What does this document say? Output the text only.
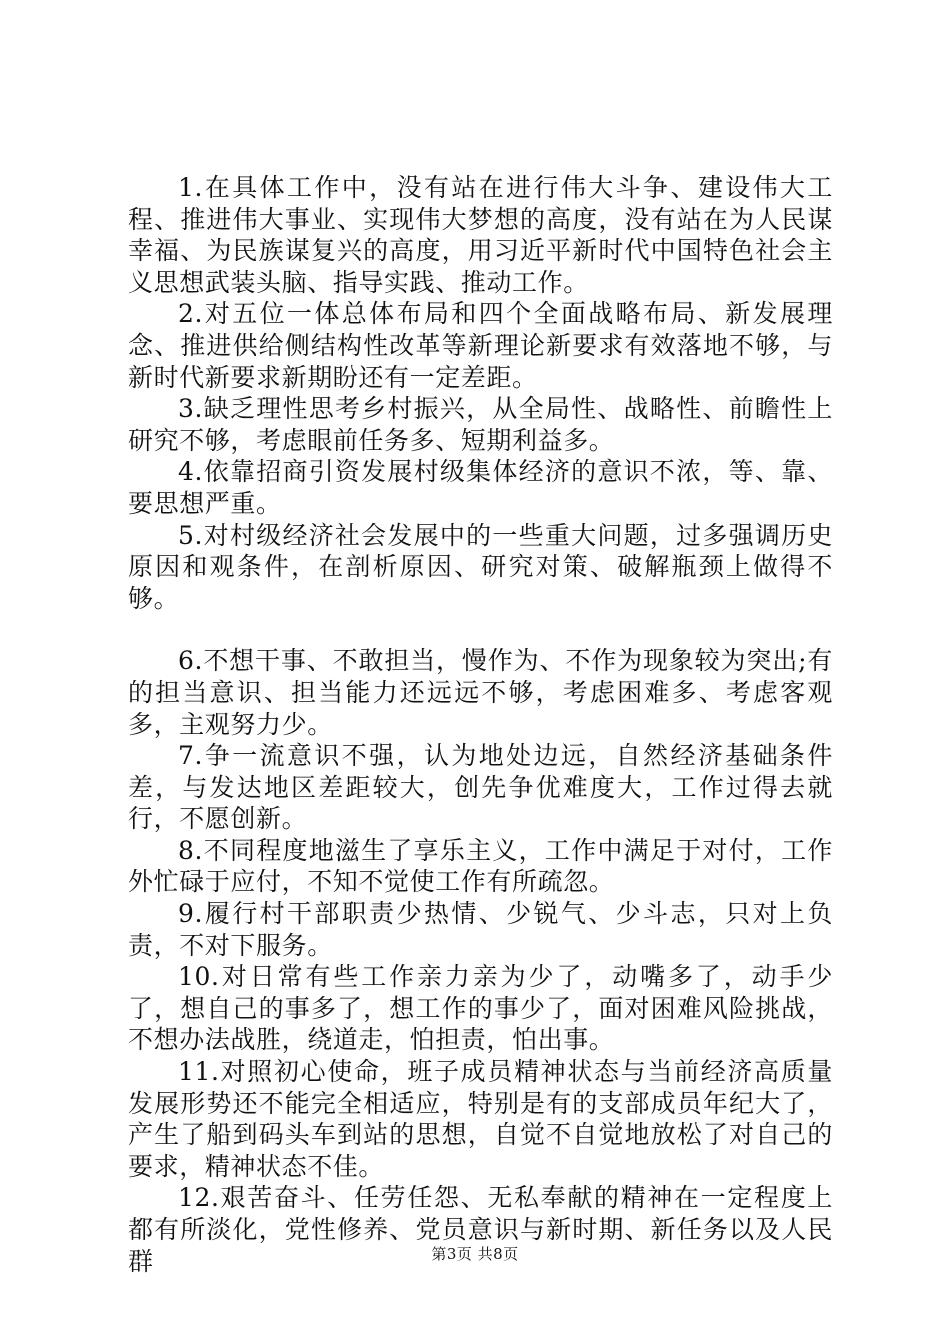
1.在具体工作中，没有站在进行伟大斗争、建设伟大工程、推进伟大事业、实现伟大梦想的高度，没有站在为人民谋幸福、为民族谋复兴的高度，用习近平新时代中国特色社会主义思想武装头脑、指导实践、推动工作。

2.对五位一体总体布局和四个全面战略布局、新发展理念、推进供给侧结构性改革等新理论新要求有效落地不够，与新时代新要求新期盼还有一定差距。

3.缺乏理性思考乡村振兴，从全局性、战略性、前瞻性上研究不够，考虑眼前任务多、短期利益多。

4.依靠招商引资发展村级集体经济的意识不浓，等、靠、要思想严重。

5.对村级经济社会发展中的一些重大问题，过多强调历史原因和观条件，在剖析原因、研究对策、破解瓶颈上做得不够。

6.不想干事、不敢担当，慢作为、不作为现象较为突出;有的担当意识、担当能力还远远不够，考虑困难多、考虑客观多，主观努力少。

7.争一流意识不强，认为地处边远，自然经济基础条件差，与发达地区差距较大，创先争优难度大，工作过得去就行，不愿创新。

8.不同程度地滋生了享乐主义，工作中满足于对付，工作外忙碌于应付，不知不觉使工作有所疏忽。

9.履行村干部职责少热情、少锐气、少斗志，只对上负责，不对下服务。

10.对日常有些工作亲力亲为少了，动嘴多了，动手少了，想自己的事多了，想工作的事少了，面对困难风险挑战，不想办法战胜，绕道走，怕担责，怕出事。

11.对照初心使命，班子成员精神状态与当前经济高质量发展形势还不能完全相适应，特别是有的支部成员年纪大了，产生了船到码头车到站的思想，自觉不自觉地放松了对自己的要求，精神状态不佳。

12.艰苦奋斗、任劳任怨、无私奉献的精神在一定程度上都有所淡化，党性修养、党员意识与新时期、新任务以及人民群	第3页 共8页
